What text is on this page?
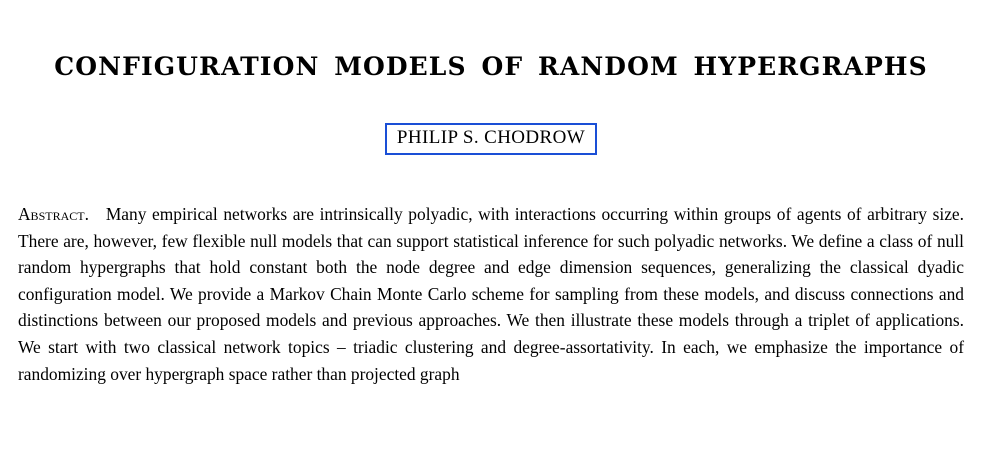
CONFIGURATION MODELS OF RANDOM HYPERGRAPHS
PHILIP S. CHODROW
Abstract. Many empirical networks are intrinsically polyadic, with interactions occurring within groups of agents of arbitrary size. There are, however, few flexible null models that can support statistical inference for such polyadic networks. We define a class of null random hypergraphs that hold constant both the node degree and edge dimension sequences, generalizing the classical dyadic configuration model. We provide a Markov Chain Monte Carlo scheme for sampling from these models, and discuss connections and distinctions between our proposed models and previous approaches. We then illustrate these models through a triplet of applications. We start with two classical network topics – triadic clustering and degree-assortativity. In each, we emphasize the importance of randomizing over hypergraph space rather than projected graph
